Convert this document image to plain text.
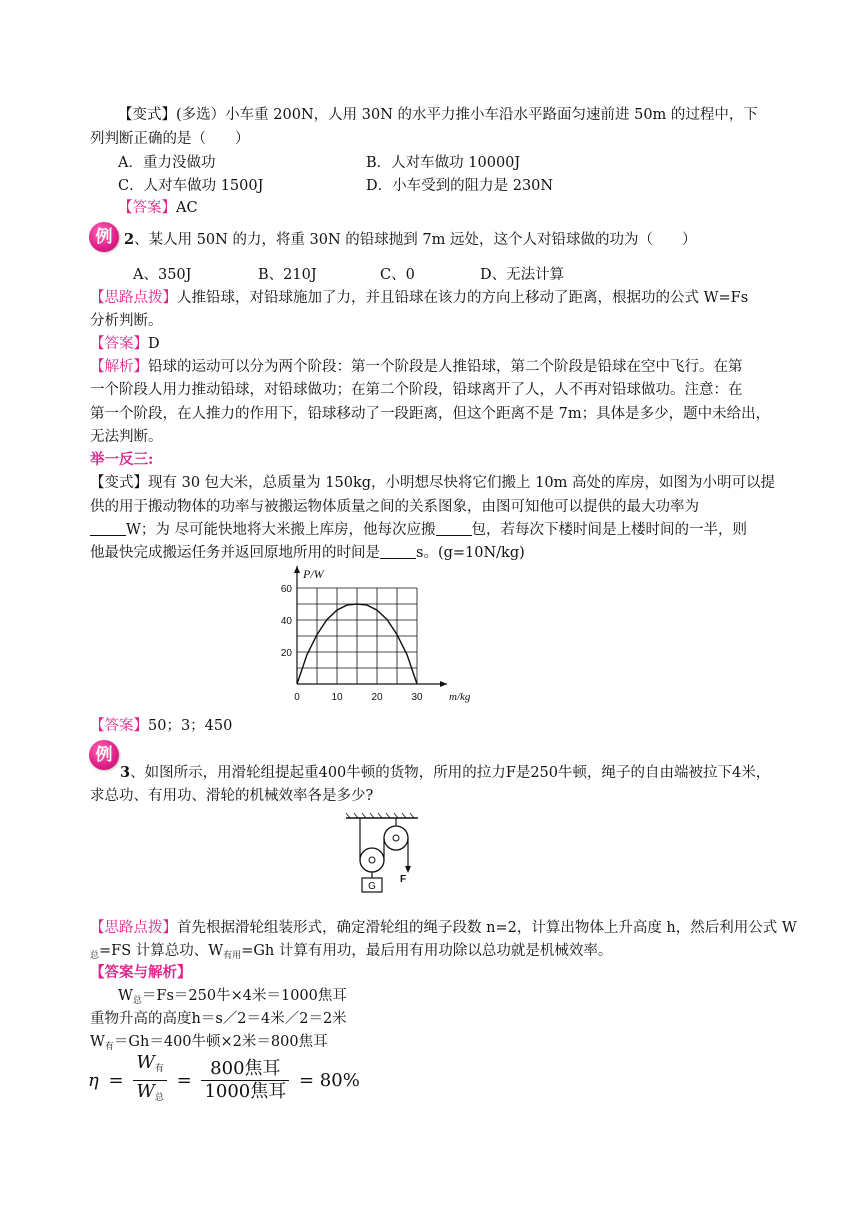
【变式】(多选）小车重 200N，人用 30N 的水平力推小车沿水平路面匀速前进 50m 的过程中，下
列判断正确的是（　　）
A．重力没做功	B．人对车做功 10000J
C．人对车做功 1500J	D．小车受到的阻力是 230N
【答案】AC
例 2、某人用 50N 的力，将重 30N 的铅球抛到 7m 远处，这个人对铅球做的功为（　　）
A、350J	B、210J	C、0	D、无法计算
【思路点拨】人推铅球，对铅球施加了力，并且铅球在该力的方向上移动了距离，根据功的公式 W=Fs
分析判断。
【答案】D
【解析】铅球的运动可以分为两个阶段：第一个阶段是人推铅球，第二个阶段是铅球在空中飞行。在第
一个阶段人用力推动铅球，对铅球做功；在第二个阶段，铅球离开了人，人不再对铅球做功。注意：在
第一个阶段，在人推力的作用下，铅球移动了一段距离，但这个距离不是 7m；具体是多少，题中未给出，
无法判断。
举一反三:
【变式】现有 30 包大米，总质量为 150kg，小明想尽快将它们搬上 10m 高处的库房，如图为小明可以提
供的用于搬动物体的功率与被搬运物体质量之间的关系图象，由图可知他可以提供的最大功率为
W；为 尽可能快地将大米搬上库房，他每次应搬 包，若每次下楼时间是上楼时间的一半，则
他最快完成搬运任务并返回原地所用的时间是 s。(g=10N/kg)
0	10	20	30
20
40
60
P/W
m/kg
【答案】50；3；450
例
3、如图所示，用滑轮组提起重400牛顿的货物，所用的拉力F是250牛顿，绳子的自由端被拉下4米，
求总功、有用功、滑轮的机械效率各是多少?
G
F
【思路点拨】首先根据滑轮组装形式，确定滑轮组的绳子段数 n=2，计算出物体上升高度 h，然后利用公式 W
$_总$=FS 计算总功、$W_{有用}=Gh$ 计算有用功，最后用有用功除以总功就是机械效率。
【答案与解析】
$W_总=Fs=250$牛×4米＝1000焦耳
重物升高的高度h＝s／2＝4米／2＝2米
$W_有=Gh=400$牛顿×2米＝800焦耳
$\eta = \frac{W_有}{W_总} = \frac{\text{800焦耳}}{\text{1000焦耳}} = 80\%$
